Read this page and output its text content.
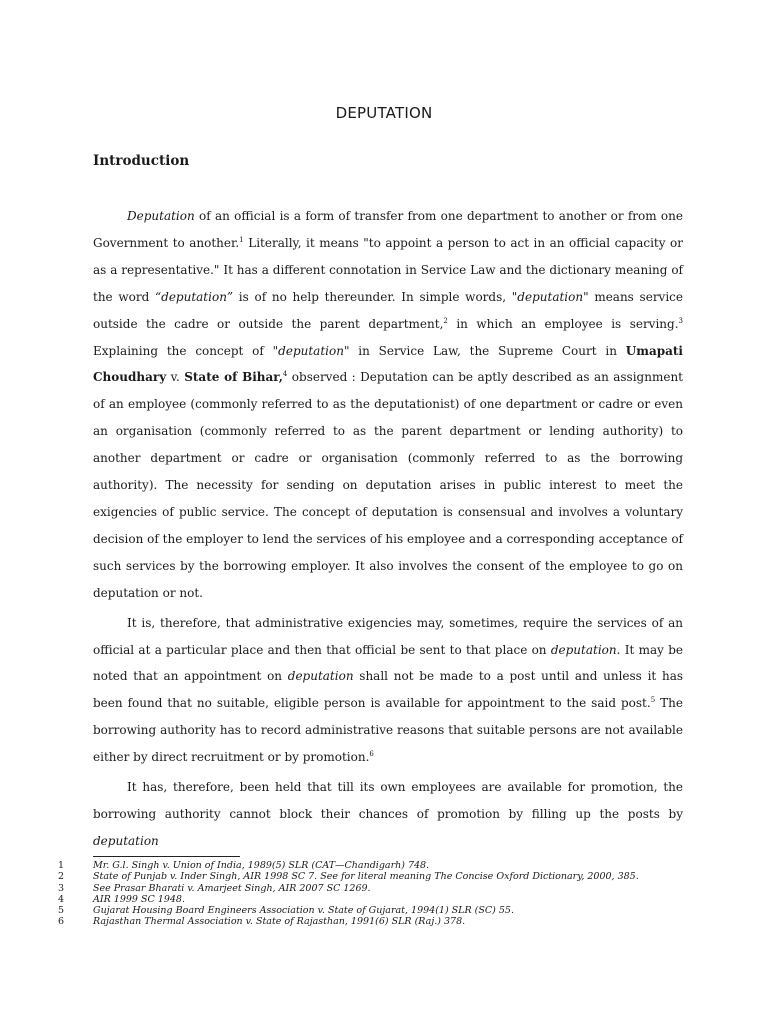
DEPUTATION
Introduction

Deputation of an official is a form of transfer from one department to another or from one Government to another.$^1$ Literally, it means "to appoint a person to act in an official capacity or as a representative." It has a different connotation in Service Law and the dictionary meaning of the word “deputation” is of no help thereunder. In simple words, "deputation" means service outside the cadre or outside the parent department,$^2$ in which an employee is serving.$^3$ Explaining the concept of "deputation" in Service Law, the Supreme Court in Umapati Choudhary v. State of Bihar,$^4$ observed : Deputation can be aptly described as an assignment of an employee (commonly referred to as the deputationist) of one department or cadre or even an organisation (commonly referred to as the parent department or lending authority) to another department or cadre or organisation (commonly referred to as the borrowing authority). The necessity for sending on deputation arises in public interest to meet the exigencies of public service. The concept of deputation is consensual and involves a voluntary decision of the employer to lend the services of his employee and a corresponding acceptance of such services by the borrowing employer. It also involves the consent of the employee to go on deputation or not.

It is, therefore, that administrative exigencies may, sometimes, require the services of an official at a particular place and then that official be sent to that place on deputation. It may be noted that an appointment on deputation shall not be made to a post until and unless it has been found that no suitable, eligible person is available for appointment to the said post.$^5$ The borrowing authority has to record administrative reasons that suitable persons are not available either by direct recruitment or by promotion.$^6$

It has, therefore, been held that till its own employees are available for promotion, the borrowing authority cannot block their chances of promotion by filling up the posts by deputation

1	Mr. G.l. Singh v. Union of India, 1989(5) SLR (CAT—Chandigarh) 748.
2	State of Punjab v. Inder Singh, AIR 1998 SC 7. See for literal meaning The Concise Oxford Dictionary, 2000, 385.
3	See Prasar Bharati v. Amarjeet Singh, AIR 2007 SC 1269.
4	AIR 1999 SC 1948.
5	Gujarat Housing Board Engineers Association v. State of Gujarat, 1994(1) SLR (SC) 55.
6	Rajasthan Thermal Association v. State of Rajasthan, 1991(6) SLR (Raj.) 378.
